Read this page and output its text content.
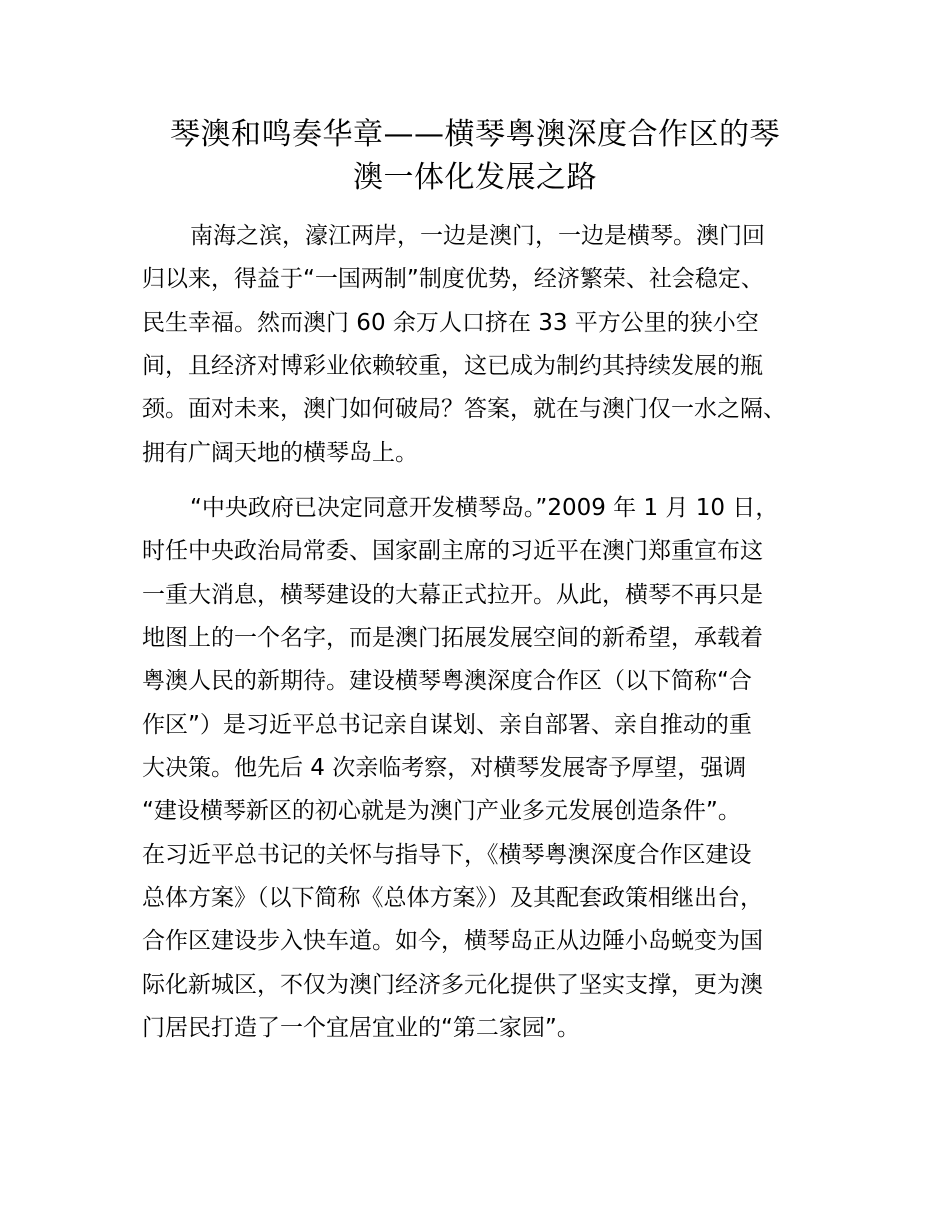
琴澳和鸣奏华章——横琴粤澳深度合作区的琴
澳一体化发展之路
南海之滨，濠江两岸，一边是澳门，一边是横琴。澳门回
归以来，得益于“一国两制”制度优势，经济繁荣、社会稳定、
民生幸福。然而澳门 60 余万人口挤在 33 平方公里的狭小空
间，且经济对博彩业依赖较重，这已成为制约其持续发展的瓶
颈。面对未来，澳门如何破局？答案，就在与澳门仅一水之隔、
拥有广阔天地的横琴岛上。
“中央政府已决定同意开发横琴岛。”2009 年 1 月 10 日，
时任中央政治局常委、国家副主席的习近平在澳门郑重宣布这
一重大消息，横琴建设的大幕正式拉开。从此，横琴不再只是
地图上的一个名字，而是澳门拓展发展空间的新希望，承载着
粤澳人民的新期待。建设横琴粤澳深度合作区（以下简称“合
作区”）是习近平总书记亲自谋划、亲自部署、亲自推动的重
大决策。他先后 4 次亲临考察，对横琴发展寄予厚望，强调
“建设横琴新区的初心就是为澳门产业多元发展创造条件”。
在习近平总书记的关怀与指导下，《横琴粤澳深度合作区建设
总体方案》（以下简称《总体方案》）及其配套政策相继出台，
合作区建设步入快车道。如今，横琴岛正从边陲小岛蜕变为国
际化新城区，不仅为澳门经济多元化提供了坚实支撑，更为澳
门居民打造了一个宜居宜业的“第二家园”。
